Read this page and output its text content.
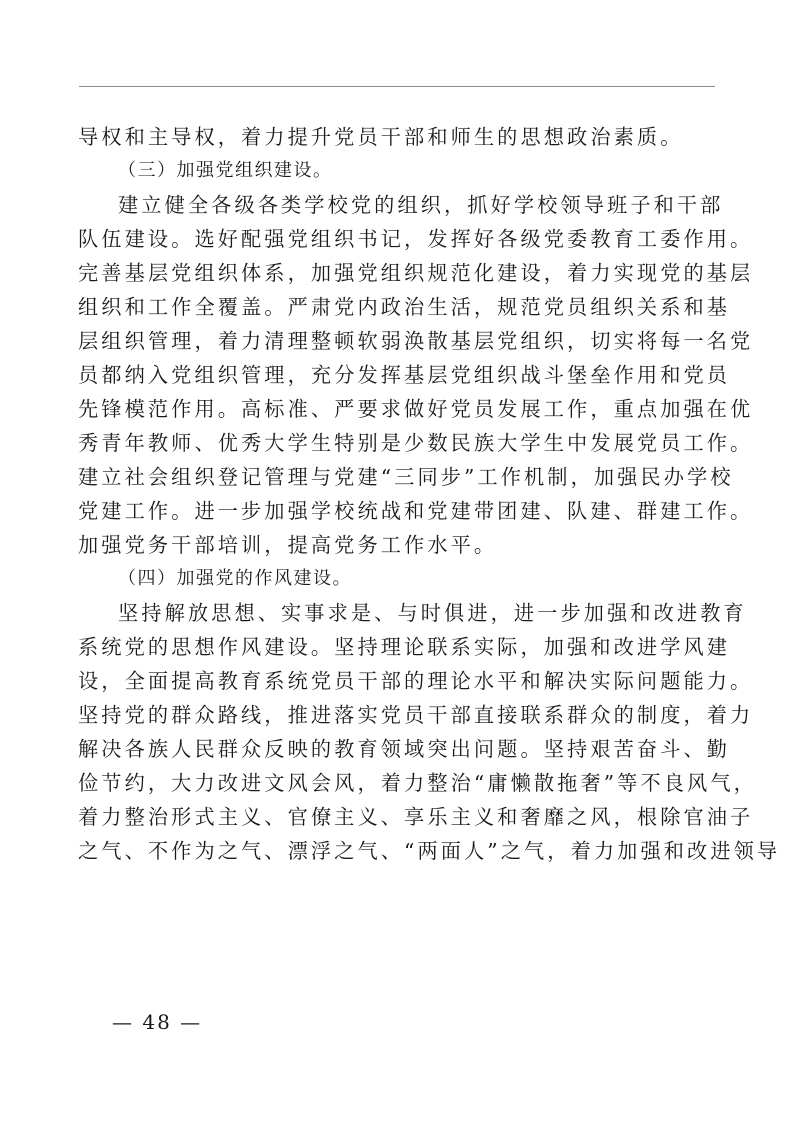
导权和主导权，着力提升党员干部和师生的思想政治素质。
（三）加强党组织建设。
建立健全各级各类学校党的组织，抓好学校领导班子和干部
队伍建设。选好配强党组织书记，发挥好各级党委教育工委作用。
完善基层党组织体系，加强党组织规范化建设，着力实现党的基层
组织和工作全覆盖。严肃党内政治生活，规范党员组织关系和基
层组织管理，着力清理整顿软弱涣散基层党组织，切实将每一名党
员都纳入党组织管理，充分发挥基层党组织战斗堡垒作用和党员
先锋模范作用。高标准、严要求做好党员发展工作，重点加强在优
秀青年教师、优秀大学生特别是少数民族大学生中发展党员工作。
建立社会组织登记管理与党建“三同步”工作机制，加强民办学校
党建工作。进一步加强学校统战和党建带团建、队建、群建工作。
加强党务干部培训，提高党务工作水平。
（四）加强党的作风建设。
坚持解放思想、实事求是、与时俱进，进一步加强和改进教育
系统党的思想作风建设。坚持理论联系实际，加强和改进学风建
设，全面提高教育系统党员干部的理论水平和解决实际问题能力。
坚持党的群众路线，推进落实党员干部直接联系群众的制度，着力
解决各族人民群众反映的教育领域突出问题。坚持艰苦奋斗、勤
俭节约，大力改进文风会风，着力整治“庸懒散拖奢”等不良风气，
着力整治形式主义、官僚主义、享乐主义和奢靡之风，根除官油子
之气、不作为之气、漂浮之气、“两面人”之气，着力加强和改进领导
— 48 —
